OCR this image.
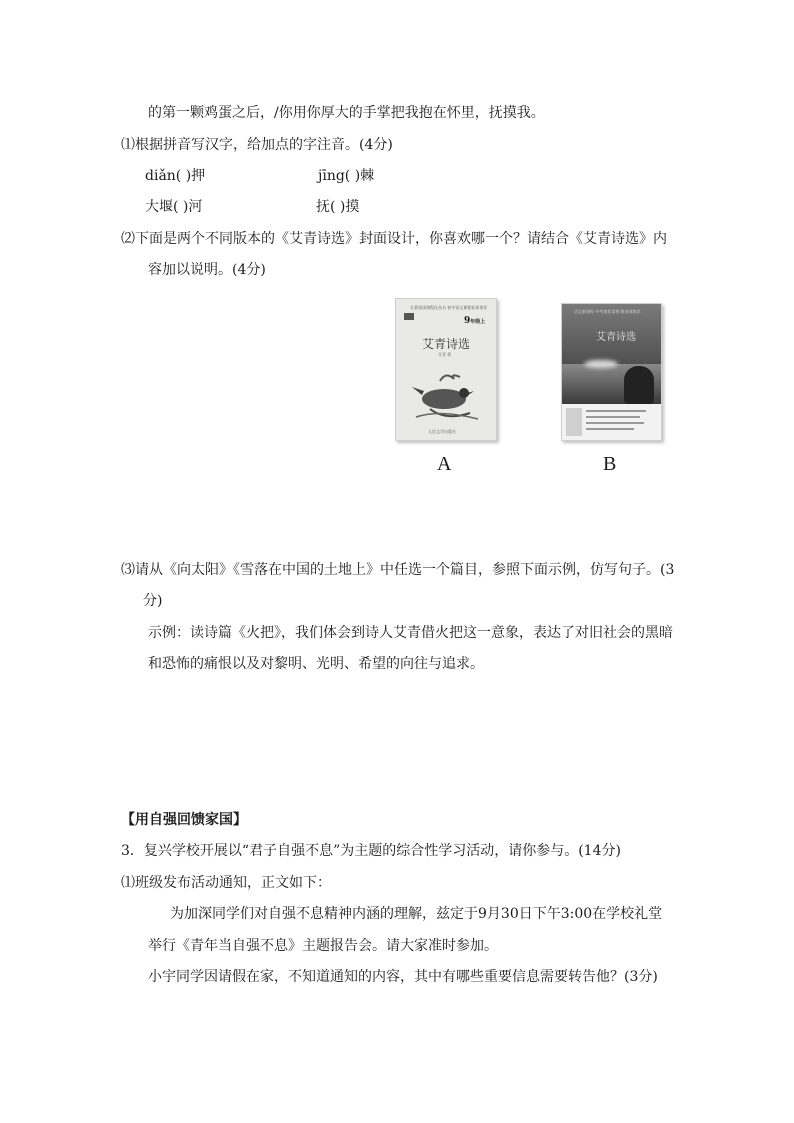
的第一颗鸡蛋之后，/你用你厚大的手掌把我抱在怀里，抚摸我。
⑴根据拼音写汉字，给加点的字注音。(4分)
diǎn( )押	jīng( )棘
大堰( )河	抚( )摸
⑵下面是两个不同版本的《艾青诗选》封面设计，你喜欢哪一个？请结合《艾青诗选》内
容加以说明。(4分)
名著阅读课程化丛书·初中语文课程标准推荐
9年级上
艾青诗选
艾青 著
人民文学出版社
A
语文新课标·中考推荐读物·教育部推荐
艾青诗选
B
⑶请从《向太阳》《雪落在中国的土地上》中任选一个篇目，参照下面示例，仿写句子。(3
分)
示例：读诗篇《火把》，我们体会到诗人艾青借火把这一意象，表达了对旧社会的黑暗
和恐怖的痛恨以及对黎明、光明、希望的向往与追求。
【用自强回馈家国】
3．复兴学校开展以“君子自强不息”为主题的综合性学习活动，请你参与。(14分)
⑴班级发布活动通知，正文如下：
为加深同学们对自强不息精神内涵的理解，兹定于9月30日下午3:00在学校礼堂
举行《青年当自强不息》主题报告会。请大家准时参加。
小宇同学因请假在家，不知道通知的内容，其中有哪些重要信息需要转告他？(3分)
